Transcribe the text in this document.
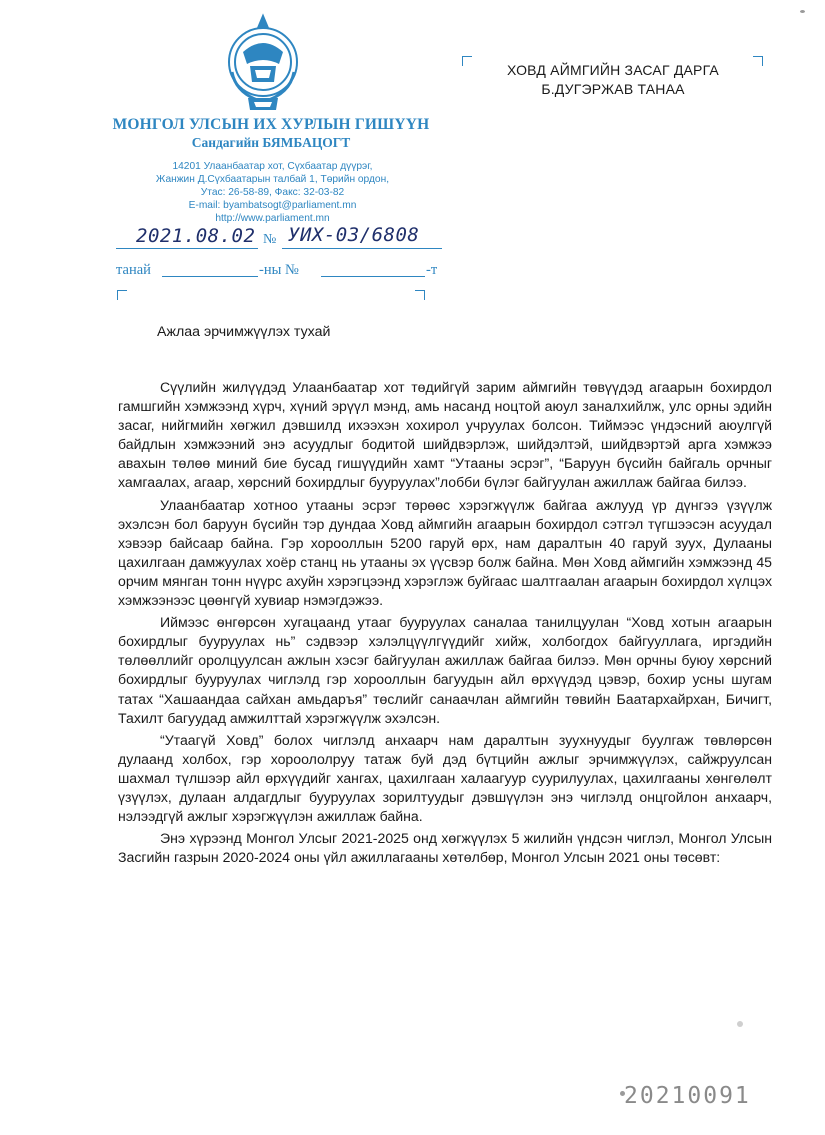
МОНГОЛ УЛСЫН ИХ ХУРЛЫН ГИШҮҮН
Сандагийн БЯМБАЦОГТ
14201 Улаанбаатар хот, Сүхбаатар дүүрэг,
Жанжин Д.Сүхбаатарын талбай 1, Төрийн ордон,
Утас: 26-58-89, Факс: 32-03-82
E-mail: byambatsogt@parliament.mn
http://www.parliament.mn
2021.08.02 № УИХ-03/6808
танай	-ны №	-т
ХОВД АЙМГИЙН ЗАСАГ ДАРГА
Б.ДУГЭРЖАВ ТАНАА
Ажлаа эрчимжүүлэх тухай

Сүүлийн жилүүдэд Улаанбаатар хот төдийгүй зарим аймгийн төвүүдэд агаарын бохирдол гамшгийн хэмжээнд хүрч, хүний эрүүл мэнд, амь насанд ноцтой аюул заналхийлж, улс орны эдийн засаг, нийгмийн хөгжил дэвшилд ихээхэн хохирол учруулах болсон. Тиймээс үндэсний аюулгүй байдлын хэмжээний энэ асуудлыг бодитой шийдвэрлэж, шийдэлтэй, шийдвэртэй арга хэмжээ авахын төлөө миний бие бусад гишүүдийн хамт “Утааны эсрэг”, “Баруун бүсийн байгаль орчныг хамгаалах, агаар, хөрсний бохирдлыг бууруулах”лобби бүлэг байгуулан ажиллаж байгаа билээ.

Улаанбаатар хотноо утааны эсрэг төрөөс хэрэгжүүлж байгаа ажлууд үр дүнгээ үзүүлж эхэлсэн бол баруун бүсийн тэр дундаа Ховд аймгийн агаарын бохирдол сэтгэл түгшээсэн асуудал хэвээр байсаар байна. Гэр хорооллын 5200 гаруй өрх, нам даралтын 40 гаруй зуух, Дулааны цахилгаан дамжуулах хоёр станц нь утааны эх үүсвэр болж байна. Мөн Ховд аймгийн хэмжээнд 45 орчим мянган тонн нүүрс ахуйн хэрэгцээнд хэрэглэж буйгаас шалтгаалан агаарын бохирдол хүлцэх хэмжээнээс цөөнгүй хувиар нэмэгдэжээ.

Иймээс өнгөрсөн хугацаанд утааг бууруулах саналаа танилцуулан “Ховд хотын агаарын бохирдлыг бууруулах нь” сэдвээр хэлэлцүүлгүүдийг хийж, холбогдох байгууллага, иргэдийн төлөөллийг оролцуулсан ажлын хэсэг байгуулан ажиллаж байгаа билээ. Мөн орчны буюу хөрсний бохирдлыг бууруулах чиглэлд гэр хорооллын багуудын айл өрхүүдэд цэвэр, бохир усны шугам татах “Хашаандаа сайхан амьдаръя” төслийг санаачлан аймгийн төвийн Баатархайрхан, Бичигт, Тахилт багуудад амжилттай хэрэгжүүлж эхэлсэн.

“Утаагүй Ховд” болох чиглэлд анхаарч нам даралтын зуухнуудыг буулгаж төвлөрсөн дулаанд холбох, гэр хороололруу татаж буй дэд бүтцийн ажлыг эрчимжүүлэх, сайжруулсан шахмал түлшээр айл өрхүүдийг хангах, цахилгаан халаагуур суурилуулах, цахилгааны хөнгөлөлт үзүүлэх, дулаан алдагдлыг бууруулах зорилтуудыг дэвшүүлэн энэ чиглэлд онцгойлон анхаарч, нэлээдгүй ажлыг хэрэгжүүлэн ажиллаж байна.

Энэ хүрээнд Монгол Улсыг 2021-2025 онд хөгжүүлэх 5 жилийн үндсэн чиглэл, Монгол Улсын Засгийн газрын 2020-2024 оны үйл ажиллагааны хөтөлбөр, Монгол Улсын 2021 оны төсөвт:

20210091
